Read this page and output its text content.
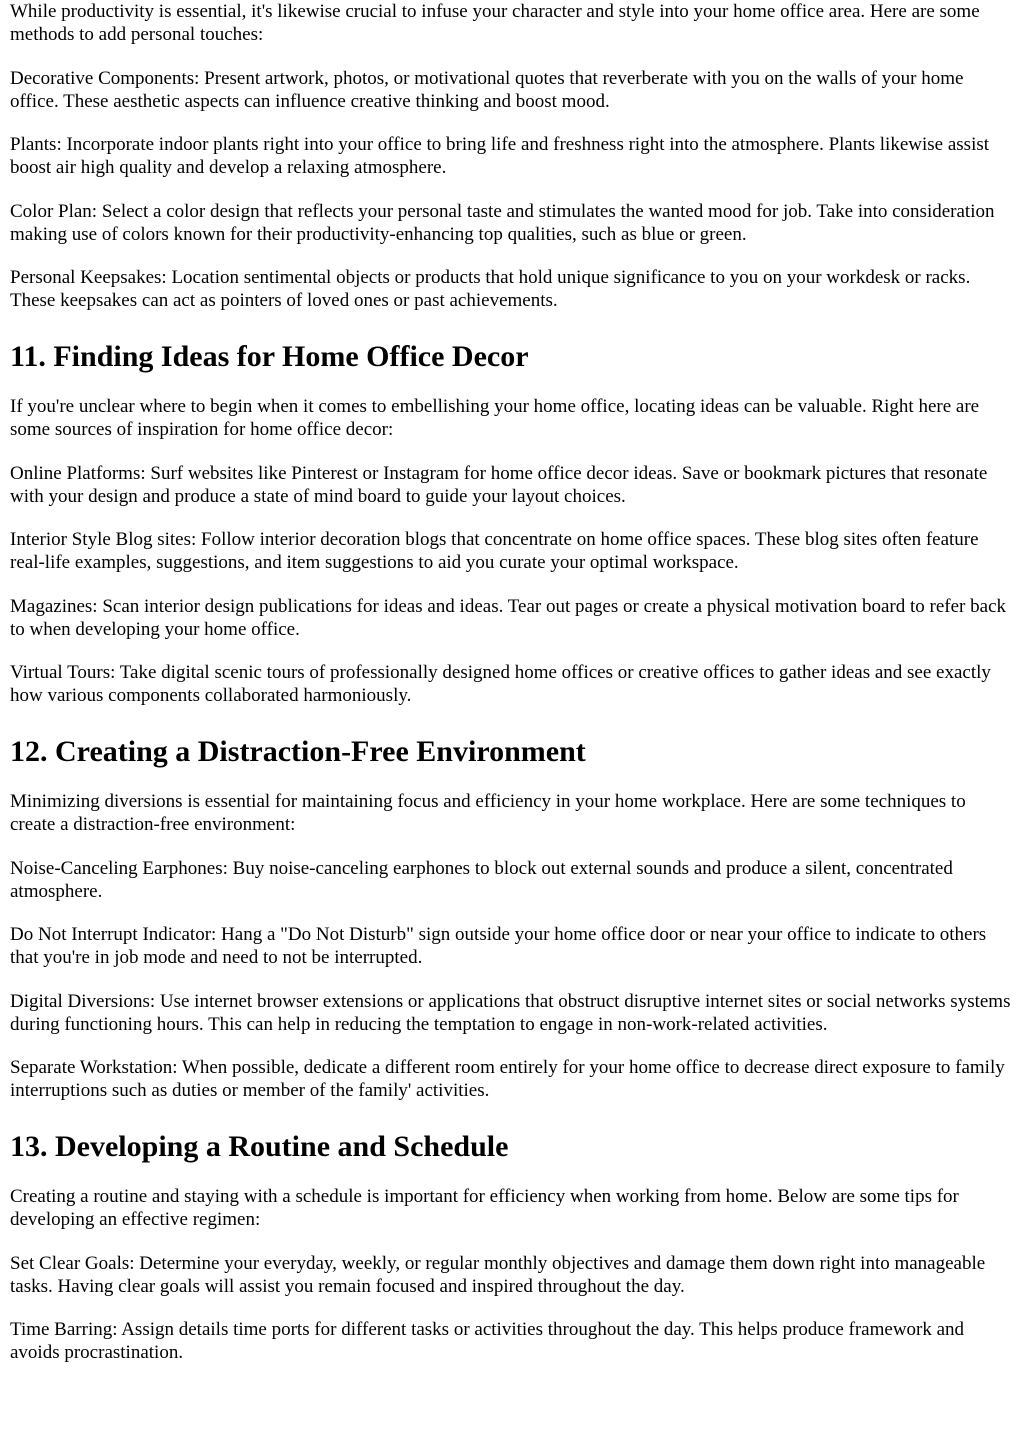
While productivity is essential, it's likewise crucial to infuse your character and style into your home office area. Here are some methods to add personal touches:

Decorative Components: Present artwork, photos, or motivational quotes that reverberate with you on the walls of your home office. These aesthetic aspects can influence creative thinking and boost mood.

Plants: Incorporate indoor plants right into your office to bring life and freshness right into the atmosphere. Plants likewise assist boost air high quality and develop a relaxing atmosphere.

Color Plan: Select a color design that reflects your personal taste and stimulates the wanted mood for job. Take into consideration making use of colors known for their productivity-enhancing top qualities, such as blue or green.

Personal Keepsakes: Location sentimental objects or products that hold unique significance to you on your workdesk or racks. These keepsakes can act as pointers of loved ones or past achievements.

11. Finding Ideas for Home Office Decor

If you're unclear where to begin when it comes to embellishing your home office, locating ideas can be valuable. Right here are some sources of inspiration for home office decor:

Online Platforms: Surf websites like Pinterest or Instagram for home office decor ideas. Save or bookmark pictures that resonate with your design and produce a state of mind board to guide your layout choices.

Interior Style Blog sites: Follow interior decoration blogs that concentrate on home office spaces. These blog sites often feature real-life examples, suggestions, and item suggestions to aid you curate your optimal workspace.

Magazines: Scan interior design publications for ideas and ideas. Tear out pages or create a physical motivation board to refer back to when developing your home office.

Virtual Tours: Take digital scenic tours of professionally designed home offices or creative offices to gather ideas and see exactly how various components collaborated harmoniously.

12. Creating a Distraction-Free Environment

Minimizing diversions is essential for maintaining focus and efficiency in your home workplace. Here are some techniques to create a distraction-free environment:

Noise-Canceling Earphones: Buy noise-canceling earphones to block out external sounds and produce a silent, concentrated atmosphere.

Do Not Interrupt Indicator: Hang a "Do Not Disturb" sign outside your home office door or near your office to indicate to others that you're in job mode and need to not be interrupted.

Digital Diversions: Use internet browser extensions or applications that obstruct disruptive internet sites or social networks systems during functioning hours. This can help in reducing the temptation to engage in non-work-related activities.

Separate Workstation: When possible, dedicate a different room entirely for your home office to decrease direct exposure to family interruptions such as duties or member of the family' activities.

13. Developing a Routine and Schedule

Creating a routine and staying with a schedule is important for efficiency when working from home. Below are some tips for developing an effective regimen:

Set Clear Goals: Determine your everyday, weekly, or regular monthly objectives and damage them down right into manageable tasks. Having clear goals will assist you remain focused and inspired throughout the day.

Time Barring: Assign details time ports for different tasks or activities throughout the day. This helps produce framework and avoids procrastination.
